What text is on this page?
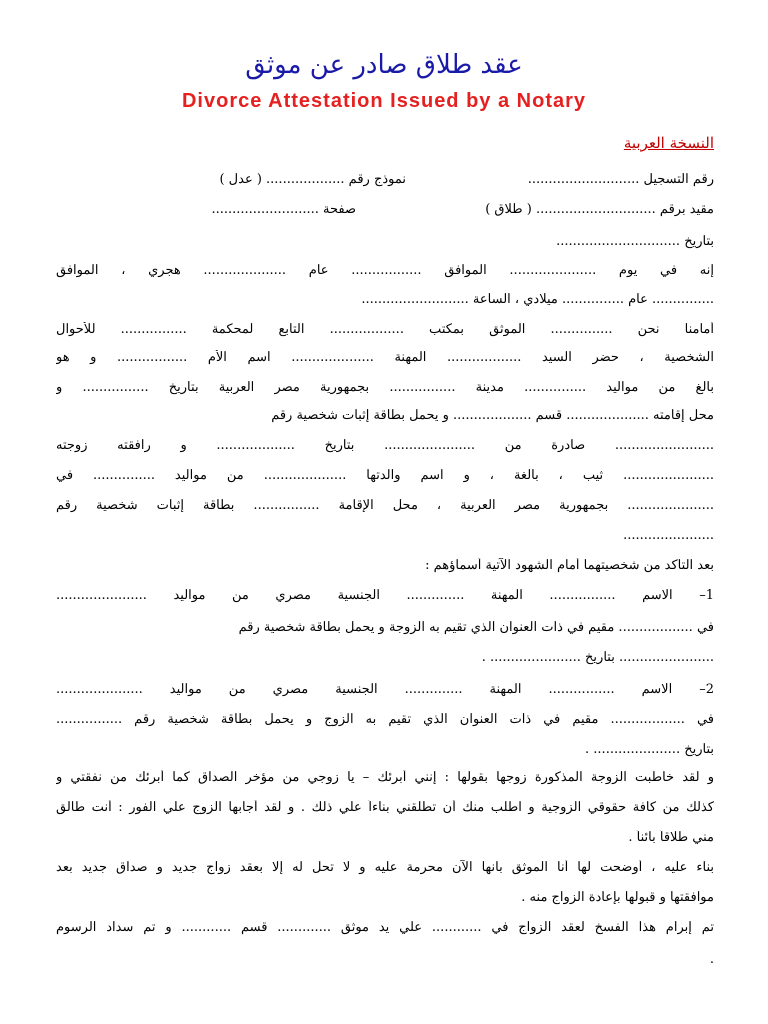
عقد طلاق صادر عن موثق
Divorce Attestation Issued by a Notary
النسخة العربية
رقم التسجيل ...........................
نموذج رقم ................... ( عدل )
مقيد برقم ............................. ( طلاق )
صفحة ..........................
بتاريخ ..............................
إنه في يوم ..................... الموافق ................. عام .................... هجري ، الموافق
............... عام ............... ميلادي ، الساعة ..........................
أمامنا نحن ............... الموثق بمكتب .................. التابع لمحكمة ................ للأحوال
الشخصية ، حضر السيد .................. المهنة .................... اسم الأم ................. و هو
بالغ من مواليد ............... مدينة ................ بجمهورية مصر العربية بتاريخ ................ و
محل إقامته .................... قسم ................... و يحمل بطاقة إثبات شخصية رقم
........................ صادرة من ...................... بتاريخ ................... و رافقته زوجته
...................... ثيب ، بالغة ، و اسم والدتها .................... من مواليد ............... في
..................... بجمهورية مصر العربية ، محل الإقامة ................ بطاقة إثبات شخصية رقم
......................
بعد التأكد من شخصيتهما أمام الشهود الآتية أسماؤهم :
1– الاسم ................ المهنة .............. الجنسية مصري من مواليد ......................
في .................. مقيم في ذات العنوان الذي تقيم به الزوجة و يحمل بطاقة شخصية رقم
....................... بتاريخ ...................... .
2– الاسم ................ المهنة .............. الجنسية مصري من مواليد .....................
في .................. مقيم في ذات العنوان الذي تقيم به الزوج و يحمل بطاقة شخصية رقم ................
بتاريخ ..................... .
و لقد خاطبت الزوجة المذكورة زوجها بقولها : إنني أبرئك – يا زوجي من مؤخر الصداق كما أبرئك من نفقتي و
كذلك من كافة حقوقي الزوجية و اطلب منك أن تطلقني بناءاً علي ذلك . و لقد أجابها الزوج علي الفور : أنت طالق
مني طلاقاً بائناً .
بناء عليه ، أوضحت لها أنا الموثق بأنها الآن محرمة عليه و لا تحل له إلا بعقد زواج جديد و صداق جديد بعد
موافقتها و قبولها بإعادة الزواج منه .
تم إبرام هذا الفسخ لعقد الزواج في ............ علي يد موثق ............. قسم ............ و تم سداد الرسوم
.
